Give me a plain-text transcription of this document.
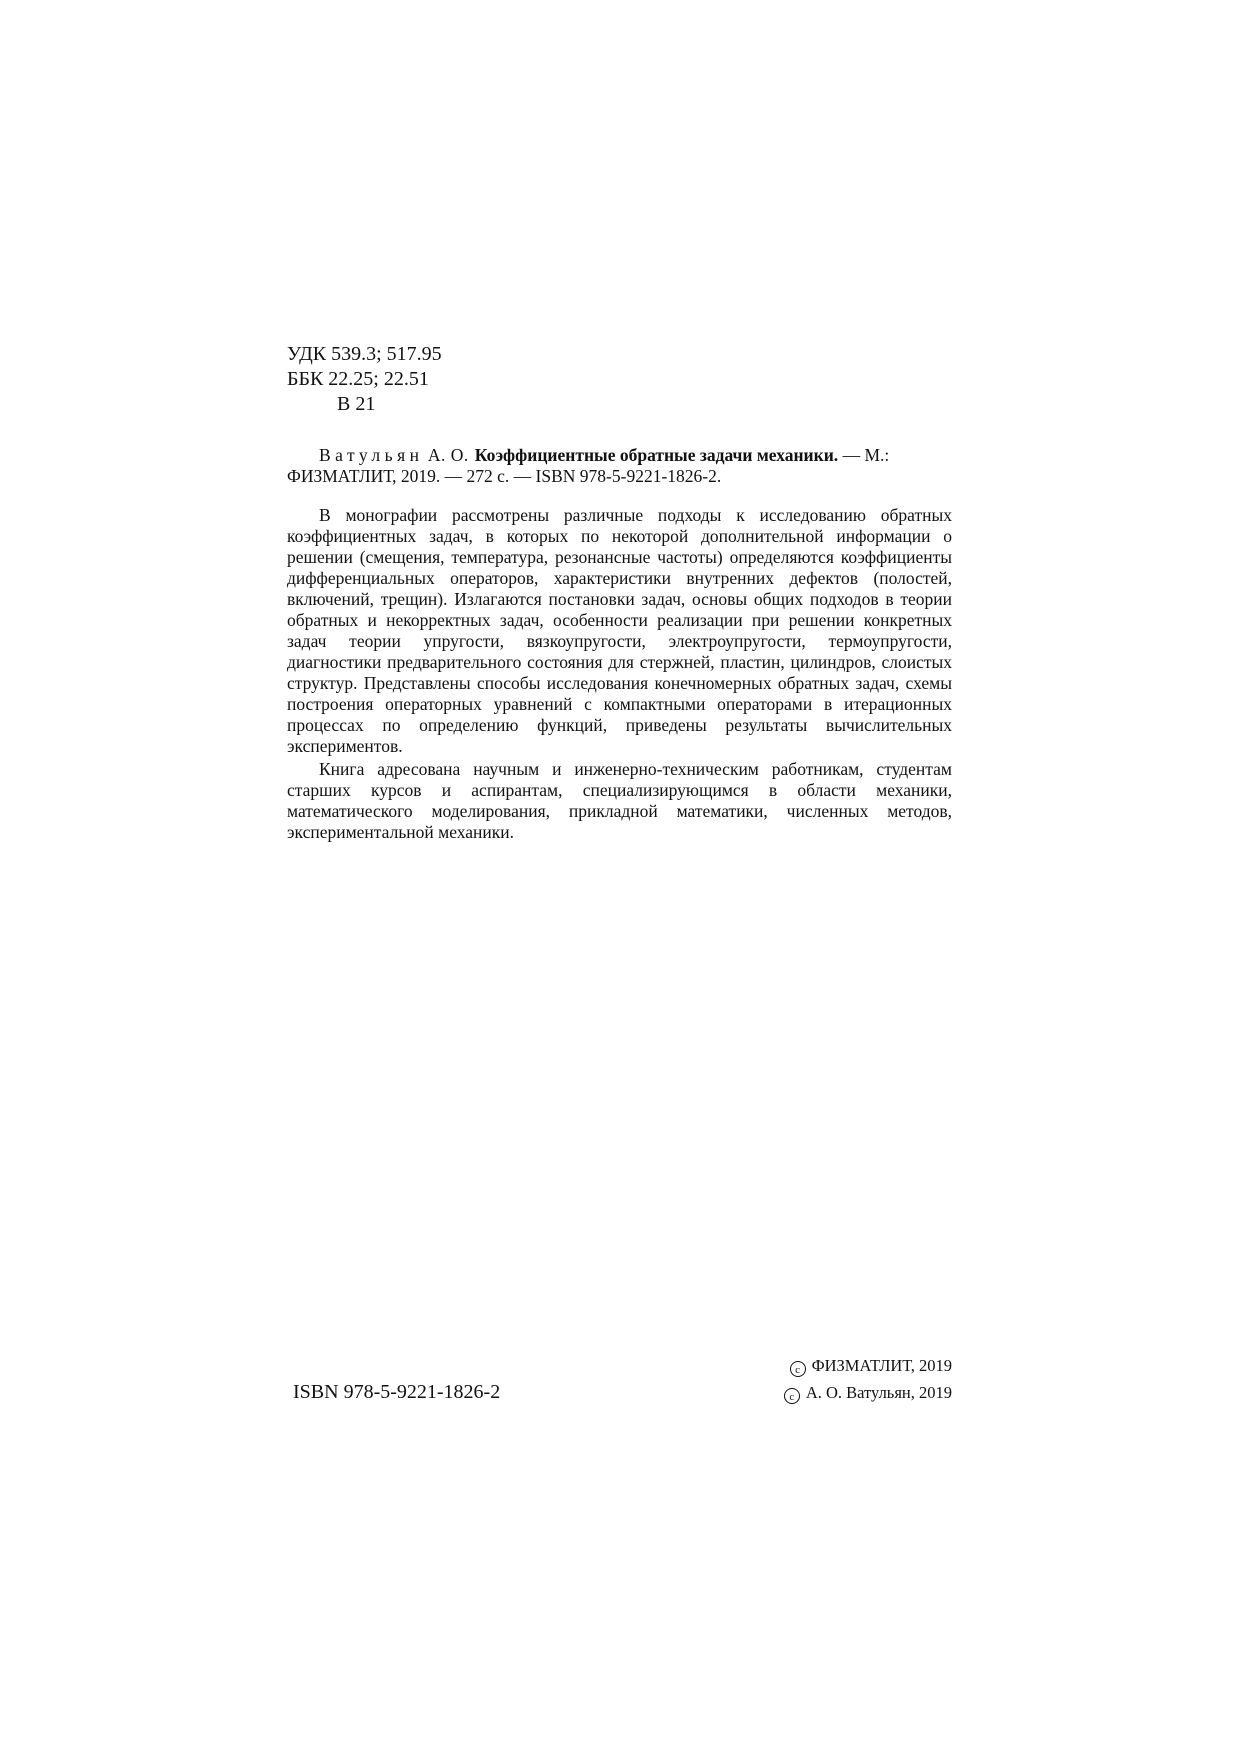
УДК 539.3; 517.95
ББК 22.25; 22.51
В 21

Ватульян А. О. Коэффициентные обратные задачи механики. — М.: ФИЗМАТЛИТ, 2019. — 272 с. — ISBN 978-5-9221-1826-2.

В монографии рассмотрены различные подходы к исследованию обратных коэффициентных задач, в которых по некоторой дополнительной информации о решении (смещения, температура, резонансные частоты) определяются коэффициенты дифференциальных операторов, характеристики внутренних дефектов (полостей, включений, трещин). Излагаются постановки задач, основы общих подходов в теории обратных и некорректных задач, особенности реализации при решении конкретных задач теории упругости, вязкоупругости, электроупругости, термоупругости, диагностики предварительного состояния для стержней, пластин, цилиндров, слоистых структур. Представлены способы исследования конечномерных обратных задач, схемы построения операторных уравнений с компактными операторами в итерационных процессах по определению функций, приведены результаты вычислительных экспериментов.

Книга адресована научным и инженерно-техническим работникам, студентам старших курсов и аспирантам, специализирующимся в области механики, математического моделирования, прикладной математики, численных методов, экспериментальной механики.

ISBN 978-5-9221-1826-2
c ФИЗМАТЛИТ, 2019
c А. О. Ватульян, 2019
